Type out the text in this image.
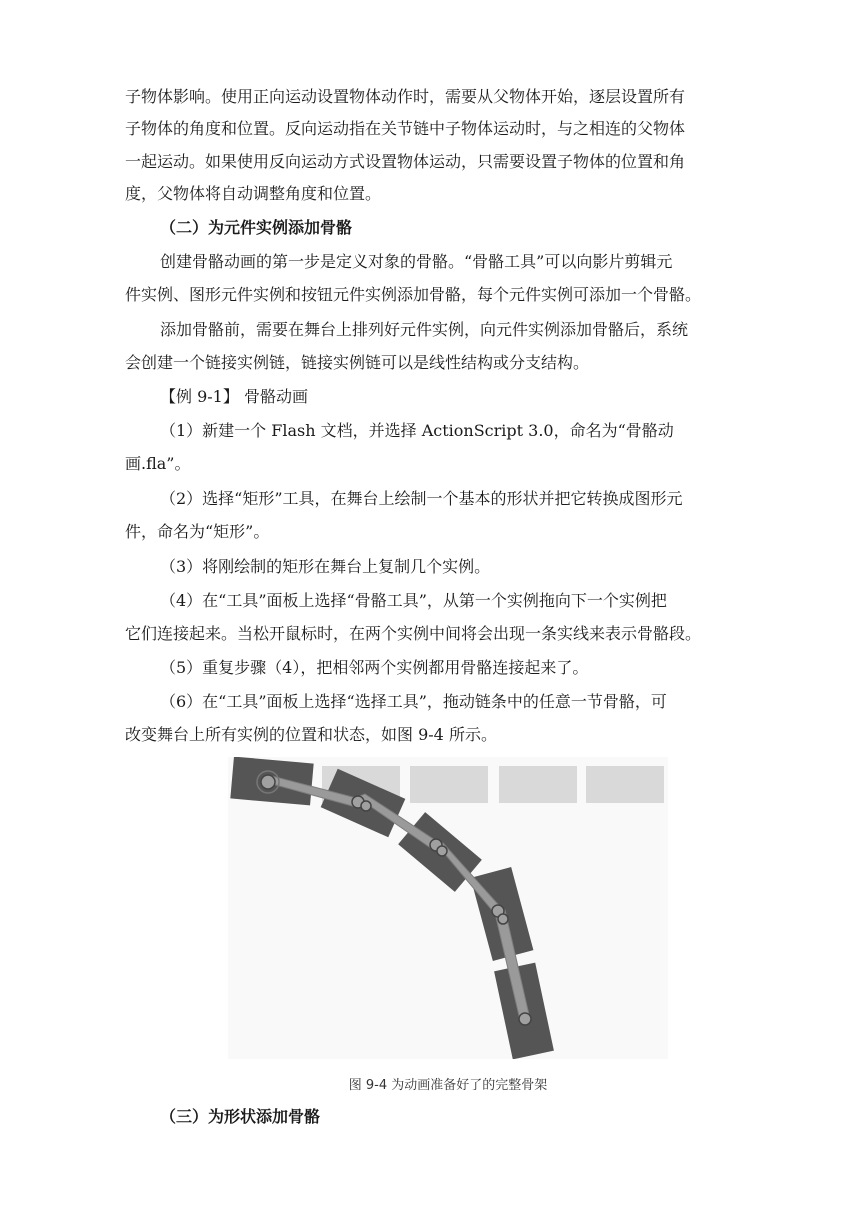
子物体影响。使用正向运动设置物体动作时，需要从父物体开始，逐层设置所有
子物体的角度和位置。反向运动指在关节链中子物体运动时，与之相连的父物体
一起运动。如果使用反向运动方式设置物体运动，只需要设置子物体的位置和角
度，父物体将自动调整角度和位置。
（二）为元件实例添加骨骼
创建骨骼动画的第一步是定义对象的骨骼。“骨骼工具”可以向影片剪辑元
件实例、图形元件实例和按钮元件实例添加骨骼，每个元件实例可添加一个骨骼。
添加骨骼前，需要在舞台上排列好元件实例，向元件实例添加骨骼后，系统
会创建一个链接实例链，链接实例链可以是线性结构或分支结构。
【例 9-1】 骨骼动画
（1）新建一个 Flash 文档，并选择 ActionScript 3.0，命名为“骨骼动
画.fla”。
（2）选择“矩形”工具，在舞台上绘制一个基本的形状并把它转换成图形元
件，命名为“矩形”。
（3）将刚绘制的矩形在舞台上复制几个实例。
（4）在“工具”面板上选择“骨骼工具”，从第一个实例拖向下一个实例把
它们连接起来。当松开鼠标时，在两个实例中间将会出现一条实线来表示骨骼段。
（5）重复步骤（4），把相邻两个实例都用骨骼连接起来了。
（6）在“工具”面板上选择“选择工具”，拖动链条中的任意一节骨骼，可
改变舞台上所有实例的位置和状态，如图 9-4 所示。
图 9-4 为动画准备好了的完整骨架
（三）为形状添加骨骼
